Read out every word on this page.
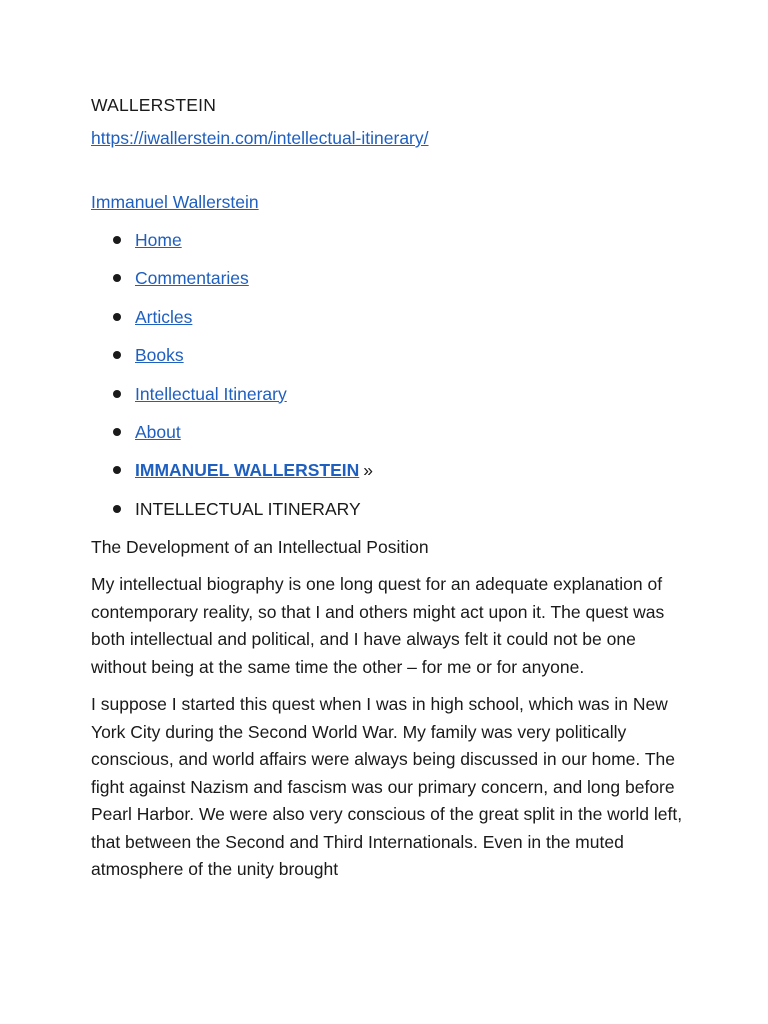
WALLERSTEIN
https://iwallerstein.com/intellectual-itinerary/
Immanuel Wallerstein
Home
Commentaries
Articles
Books
Intellectual Itinerary
About
IMMANUEL WALLERSTEIN »
INTELLECTUAL ITINERARY
The Development of an Intellectual Position

My intellectual biography is one long quest for an adequate explanation of contemporary reality, so that I and others might act upon it. The quest was both intellectual and political, and I have always felt it could not be one without being at the same time the other – for me or for anyone.

I suppose I started this quest when I was in high school, which was in New York City during the Second World War. My family was very politically conscious, and world affairs were always being discussed in our home. The fight against Nazism and fascism was our primary concern, and long before Pearl Harbor. We were also very conscious of the great split in the world left, that between the Second and Third Internationals. Even in the muted atmosphere of the unity brought
